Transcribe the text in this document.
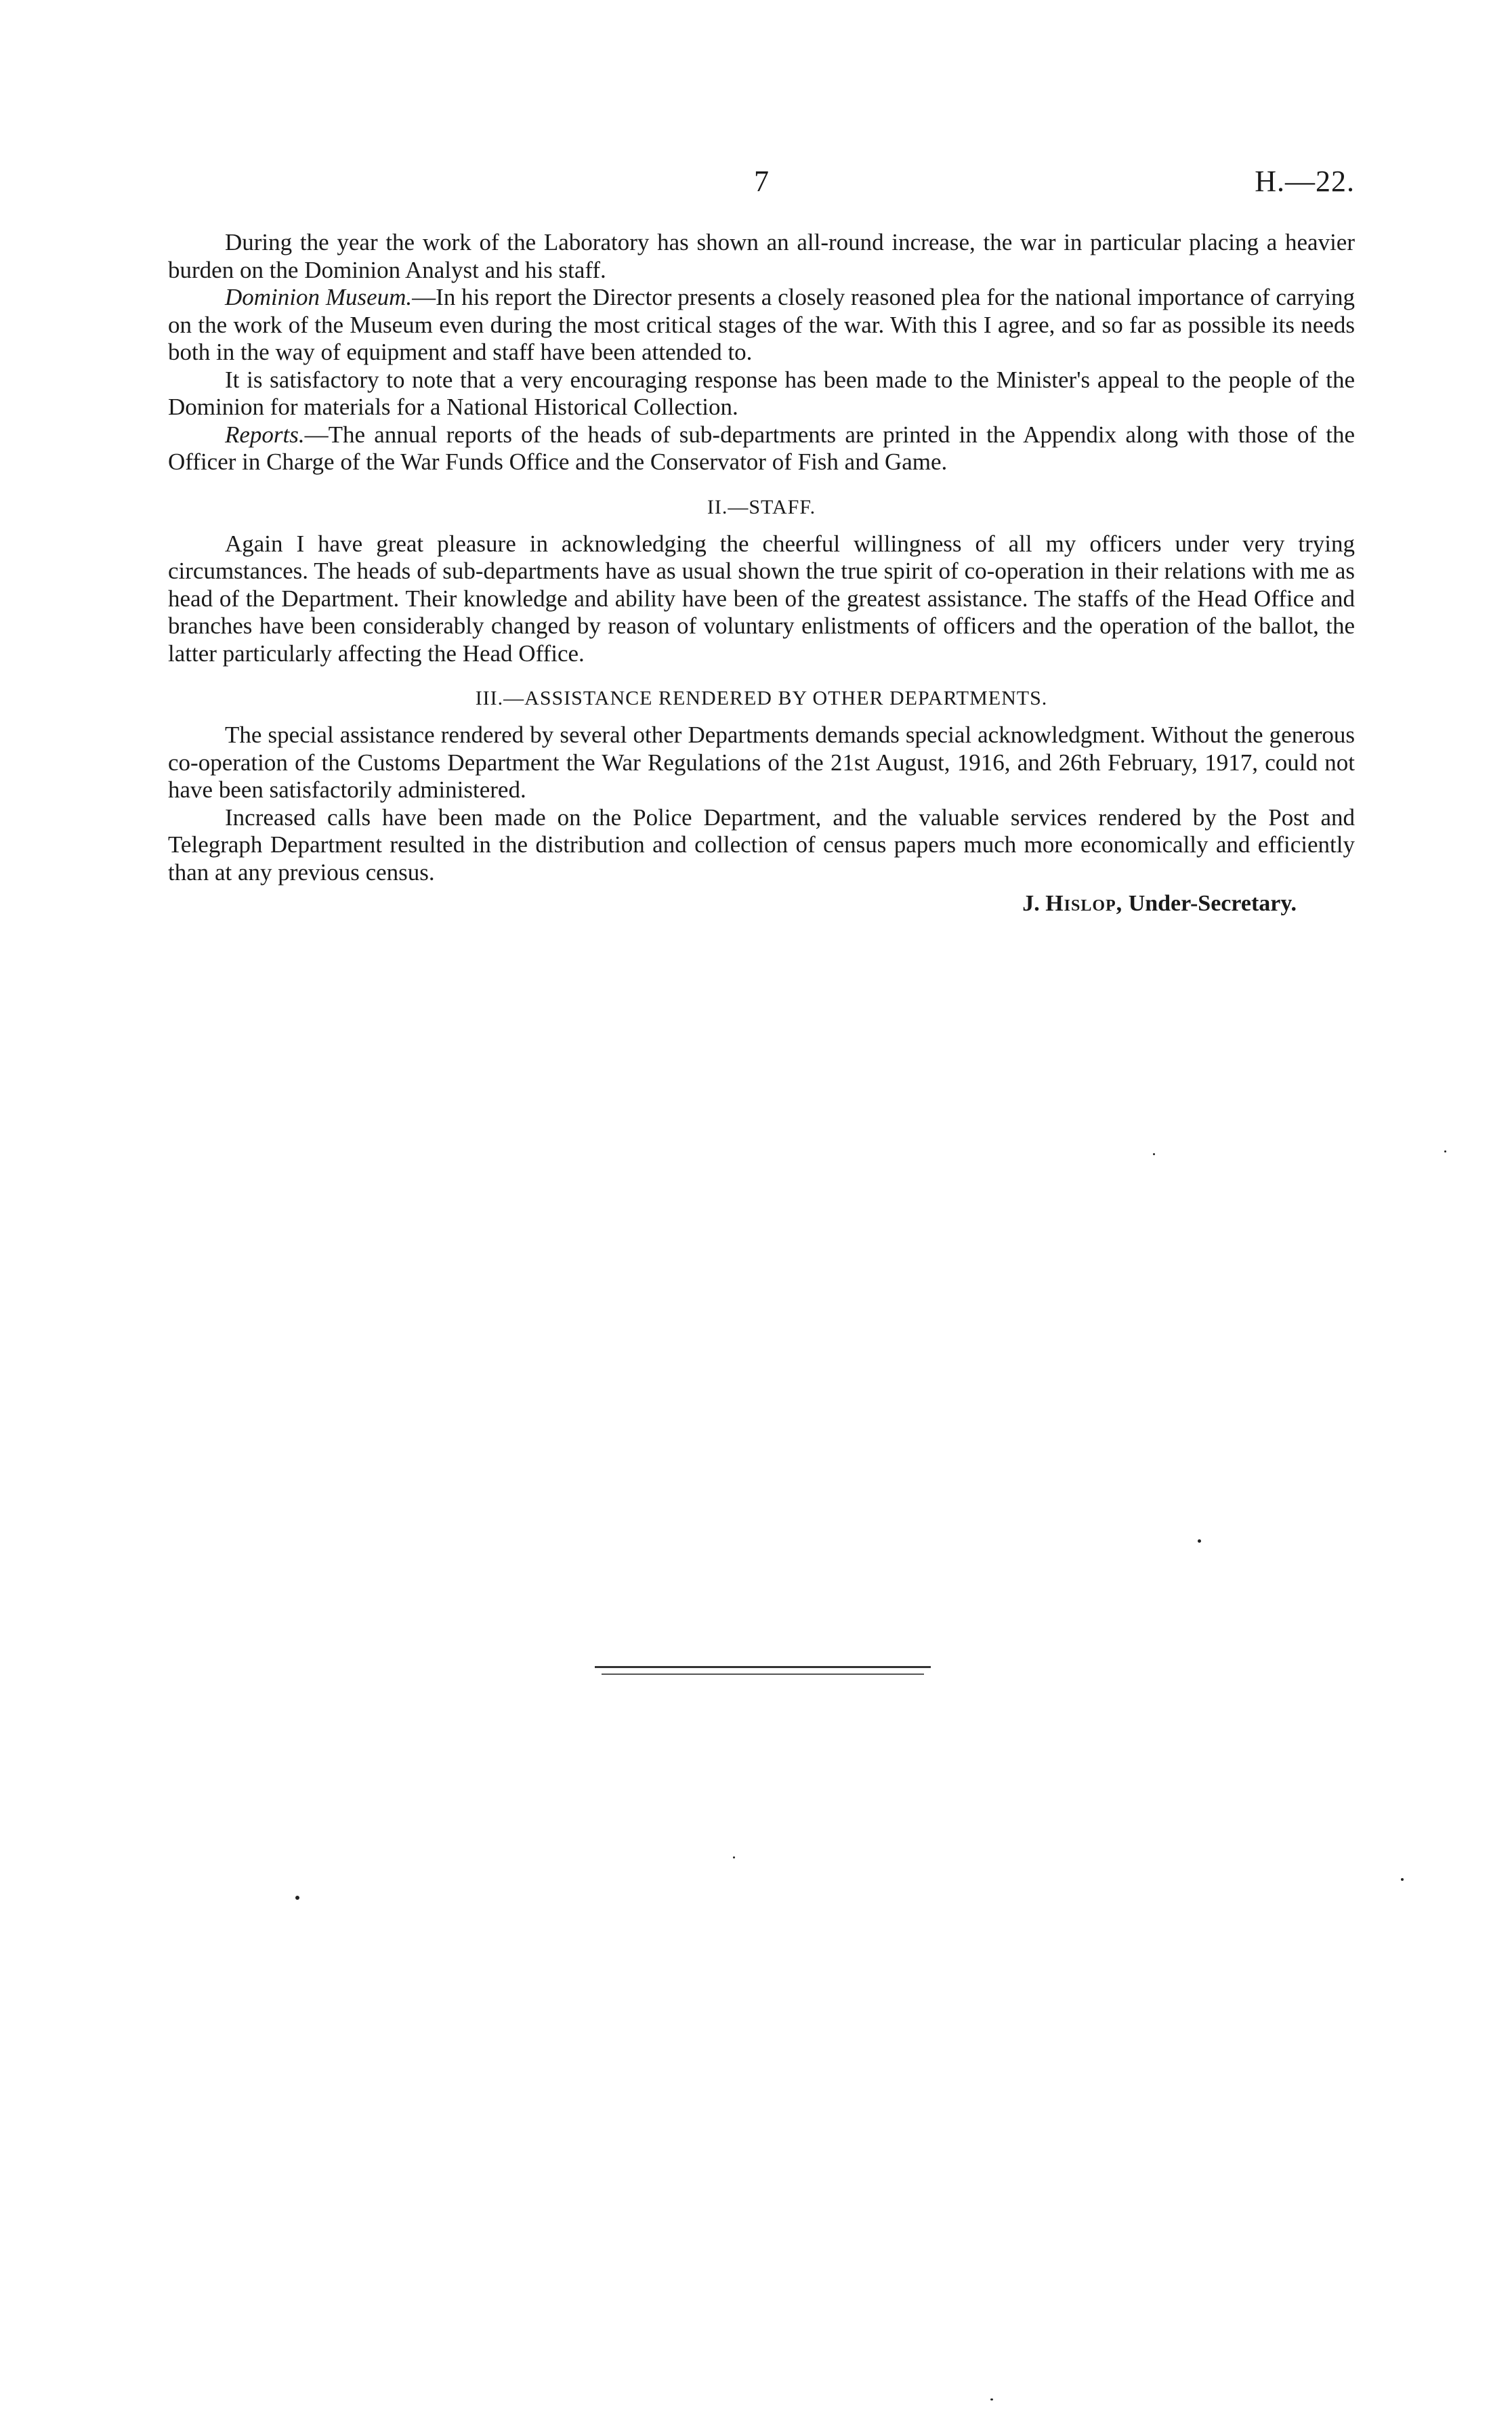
7	H.—22.

During the year the work of the Laboratory has shown an all-round increase, the war in particular placing a heavier burden on the Dominion Analyst and his staff.

Dominion Museum.—In his report the Director presents a closely reasoned plea for the national importance of carrying on the work of the Museum even during the most critical stages of the war. With this I agree, and so far as possible its needs both in the way of equipment and staff have been attended to.

It is satisfactory to note that a very encouraging response has been made to the Minister's appeal to the people of the Dominion for materials for a National Historical Collection.

Reports.—The annual reports of the heads of sub-departments are printed in the Appendix along with those of the Officer in Charge of the War Funds Office and the Conservator of Fish and Game.

II.—STAFF.

Again I have great pleasure in acknowledging the cheerful willingness of all my officers under very trying circumstances. The heads of sub-departments have as usual shown the true spirit of co-operation in their relations with me as head of the Department. Their knowledge and ability have been of the greatest assistance. The staffs of the Head Office and branches have been considerably changed by reason of voluntary enlistments of officers and the operation of the ballot, the latter particularly affecting the Head Office.

III.—ASSISTANCE RENDERED BY OTHER DEPARTMENTS.

The special assistance rendered by several other Departments demands special acknowledgment. Without the generous co-operation of the Customs Department the War Regulations of the 21st August, 1916, and 26th February, 1917, could not have been satisfactorily administered.

Increased calls have been made on the Police Department, and the valuable services rendered by the Post and Telegraph Department resulted in the distribution and collection of census papers much more economically and efficiently than at any previous census.

J. Hislop, Under-Secretary.
